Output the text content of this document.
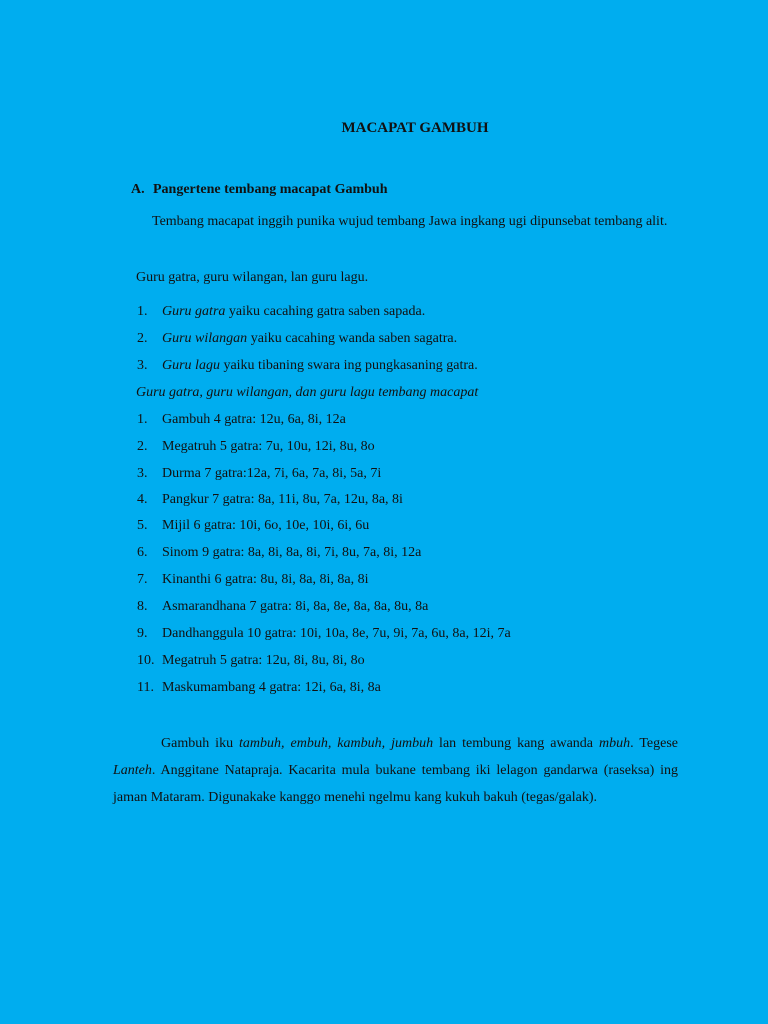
MACAPAT GAMBUH
A. Pangertene tembang macapat Gambuh
Tembang macapat inggih punika wujud tembang Jawa ingkang ugi dipunsebat tembang alit.
Guru gatra, guru wilangan, lan guru lagu.
1. Guru gatra yaiku cacahing gatra saben sapada.
2. Guru wilangan yaiku cacahing wanda saben sagatra.
3. Guru lagu yaiku tibaning swara ing pungkasaning gatra.
Guru gatra, guru wilangan, dan guru lagu tembang macapat
1. Gambuh 4 gatra: 12u, 6a, 8i, 12a
2. Megatruh 5 gatra: 7u, 10u, 12i, 8u, 8o
3. Durma 7 gatra:12a, 7i, 6a, 7a, 8i, 5a, 7i
4. Pangkur 7 gatra: 8a, 11i, 8u, 7a, 12u, 8a, 8i
5. Mijil 6 gatra: 10i, 6o, 10e, 10i, 6i, 6u
6. Sinom 9 gatra: 8a, 8i, 8a, 8i, 7i, 8u, 7a, 8i, 12a
7. Kinanthi 6 gatra: 8u, 8i, 8a, 8i, 8a, 8i
8. Asmarandhana 7 gatra: 8i, 8a, 8e, 8a, 8a, 8u, 8a
9. Dandhanggula 10 gatra: 10i, 10a, 8e, 7u, 9i, 7a, 6u, 8a, 12i, 7a
10. Megatruh 5 gatra: 12u, 8i, 8u, 8i, 8o
11. Maskumambang 4 gatra: 12i, 6a, 8i, 8a
Gambuh iku tambuh, embuh, kambuh, jumbuh lan tembung kang awanda mbuh. Tegese Lanteh. Anggitane Natapraja. Kacarita mula bukane tembang iki lelagon gandarwa (raseksa) ing jaman Mataram. Digunakake kanggo menehi ngelmu kang kukuh bakuh (tegas/galak).
